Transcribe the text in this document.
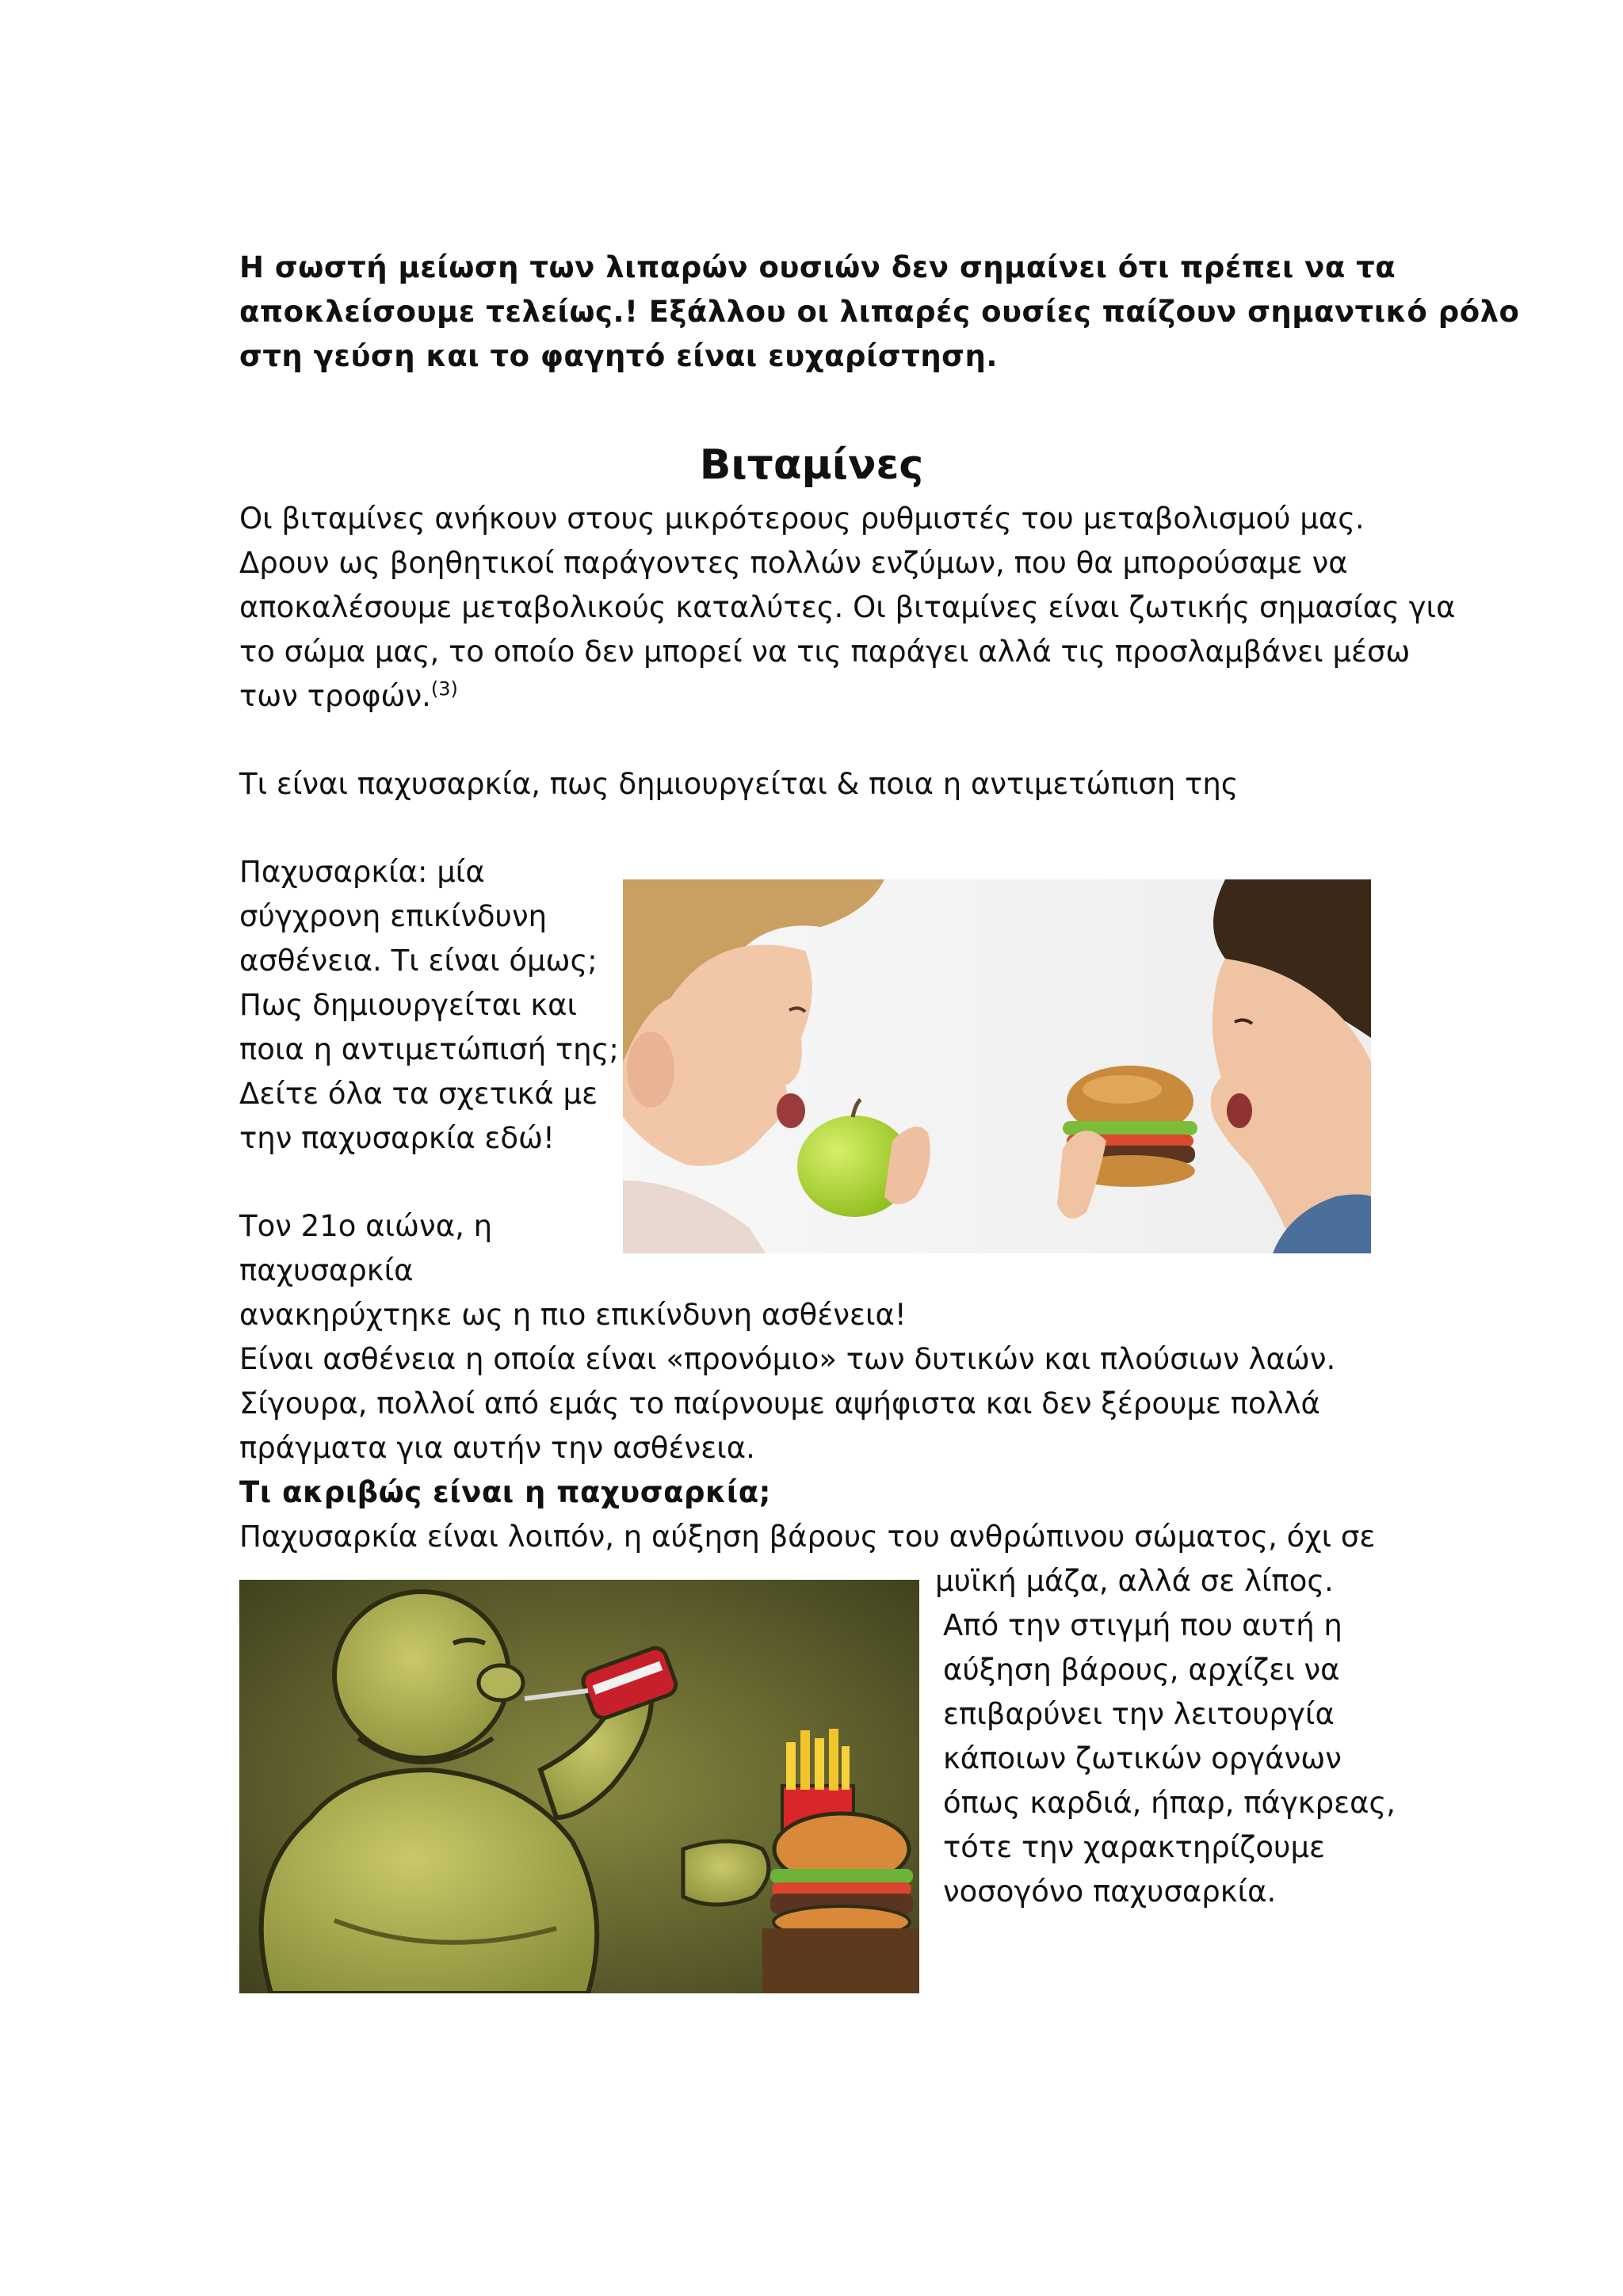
Η σωστή μείωση των λιπαρών ουσιών δεν σημαίνει ότι πρέπει να τα

αποκλείσουμε τελείως.! Εξάλλου οι λιπαρές ουσίες παίζουν σημαντικό ρόλο

στη γεύση και το φαγητό είναι ευχαρίστηση.

Βιταμίνες

Οι βιταμίνες ανήκουν στους μικρότερους ρυθμιστές του μεταβολισμού μας.

Δρουν ως βοηθητικοί παράγοντες πολλών ενζύμων, που θα μπορούσαμε να

αποκαλέσουμε μεταβολικούς καταλύτες. Οι βιταμίνες είναι ζωτικής σημασίας για

το σώμα μας, το οποίο δεν μπορεί να τις παράγει αλλά τις προσλαμβάνει μέσω

των τροφών.$^{(3)}$

Τι είναι παχυσαρκία, πως δημιουργείται & ποια η αντιμετώπιση της

Παχυσαρκία: μία

σύγχρονη επικίνδυνη

ασθένεια. Τι είναι όμως;

Πως δημιουργείται και

ποια η αντιμετώπισή της;

Δείτε όλα τα σχετικά με

την παχυσαρκία εδώ!

Τον 21ο αιώνα, η

παχυσαρκία

ανακηρύχτηκε ως η πιο επικίνδυνη ασθένεια!

Είναι ασθένεια η οποία είναι «προνόμιο» των δυτικών και πλούσιων λαών.

Σίγουρα, πολλοί από εμάς το παίρνουμε αψήφιστα και δεν ξέρουμε πολλά

πράγματα για αυτήν την ασθένεια.

Τι ακριβώς είναι η παχυσαρκία;

Παχυσαρκία είναι λοιπόν, η αύξηση βάρους του ανθρώπινου σώματος, όχι σε

μυϊκή μάζα, αλλά σε λίπος.

Από την στιγμή που αυτή η

αύξηση βάρους, αρχίζει να

επιβαρύνει την λειτουργία

κάποιων ζωτικών οργάνων

όπως καρδιά, ήπαρ, πάγκρεας,

τότε την χαρακτηρίζουμε

νοσογόνο παχυσαρκία.
